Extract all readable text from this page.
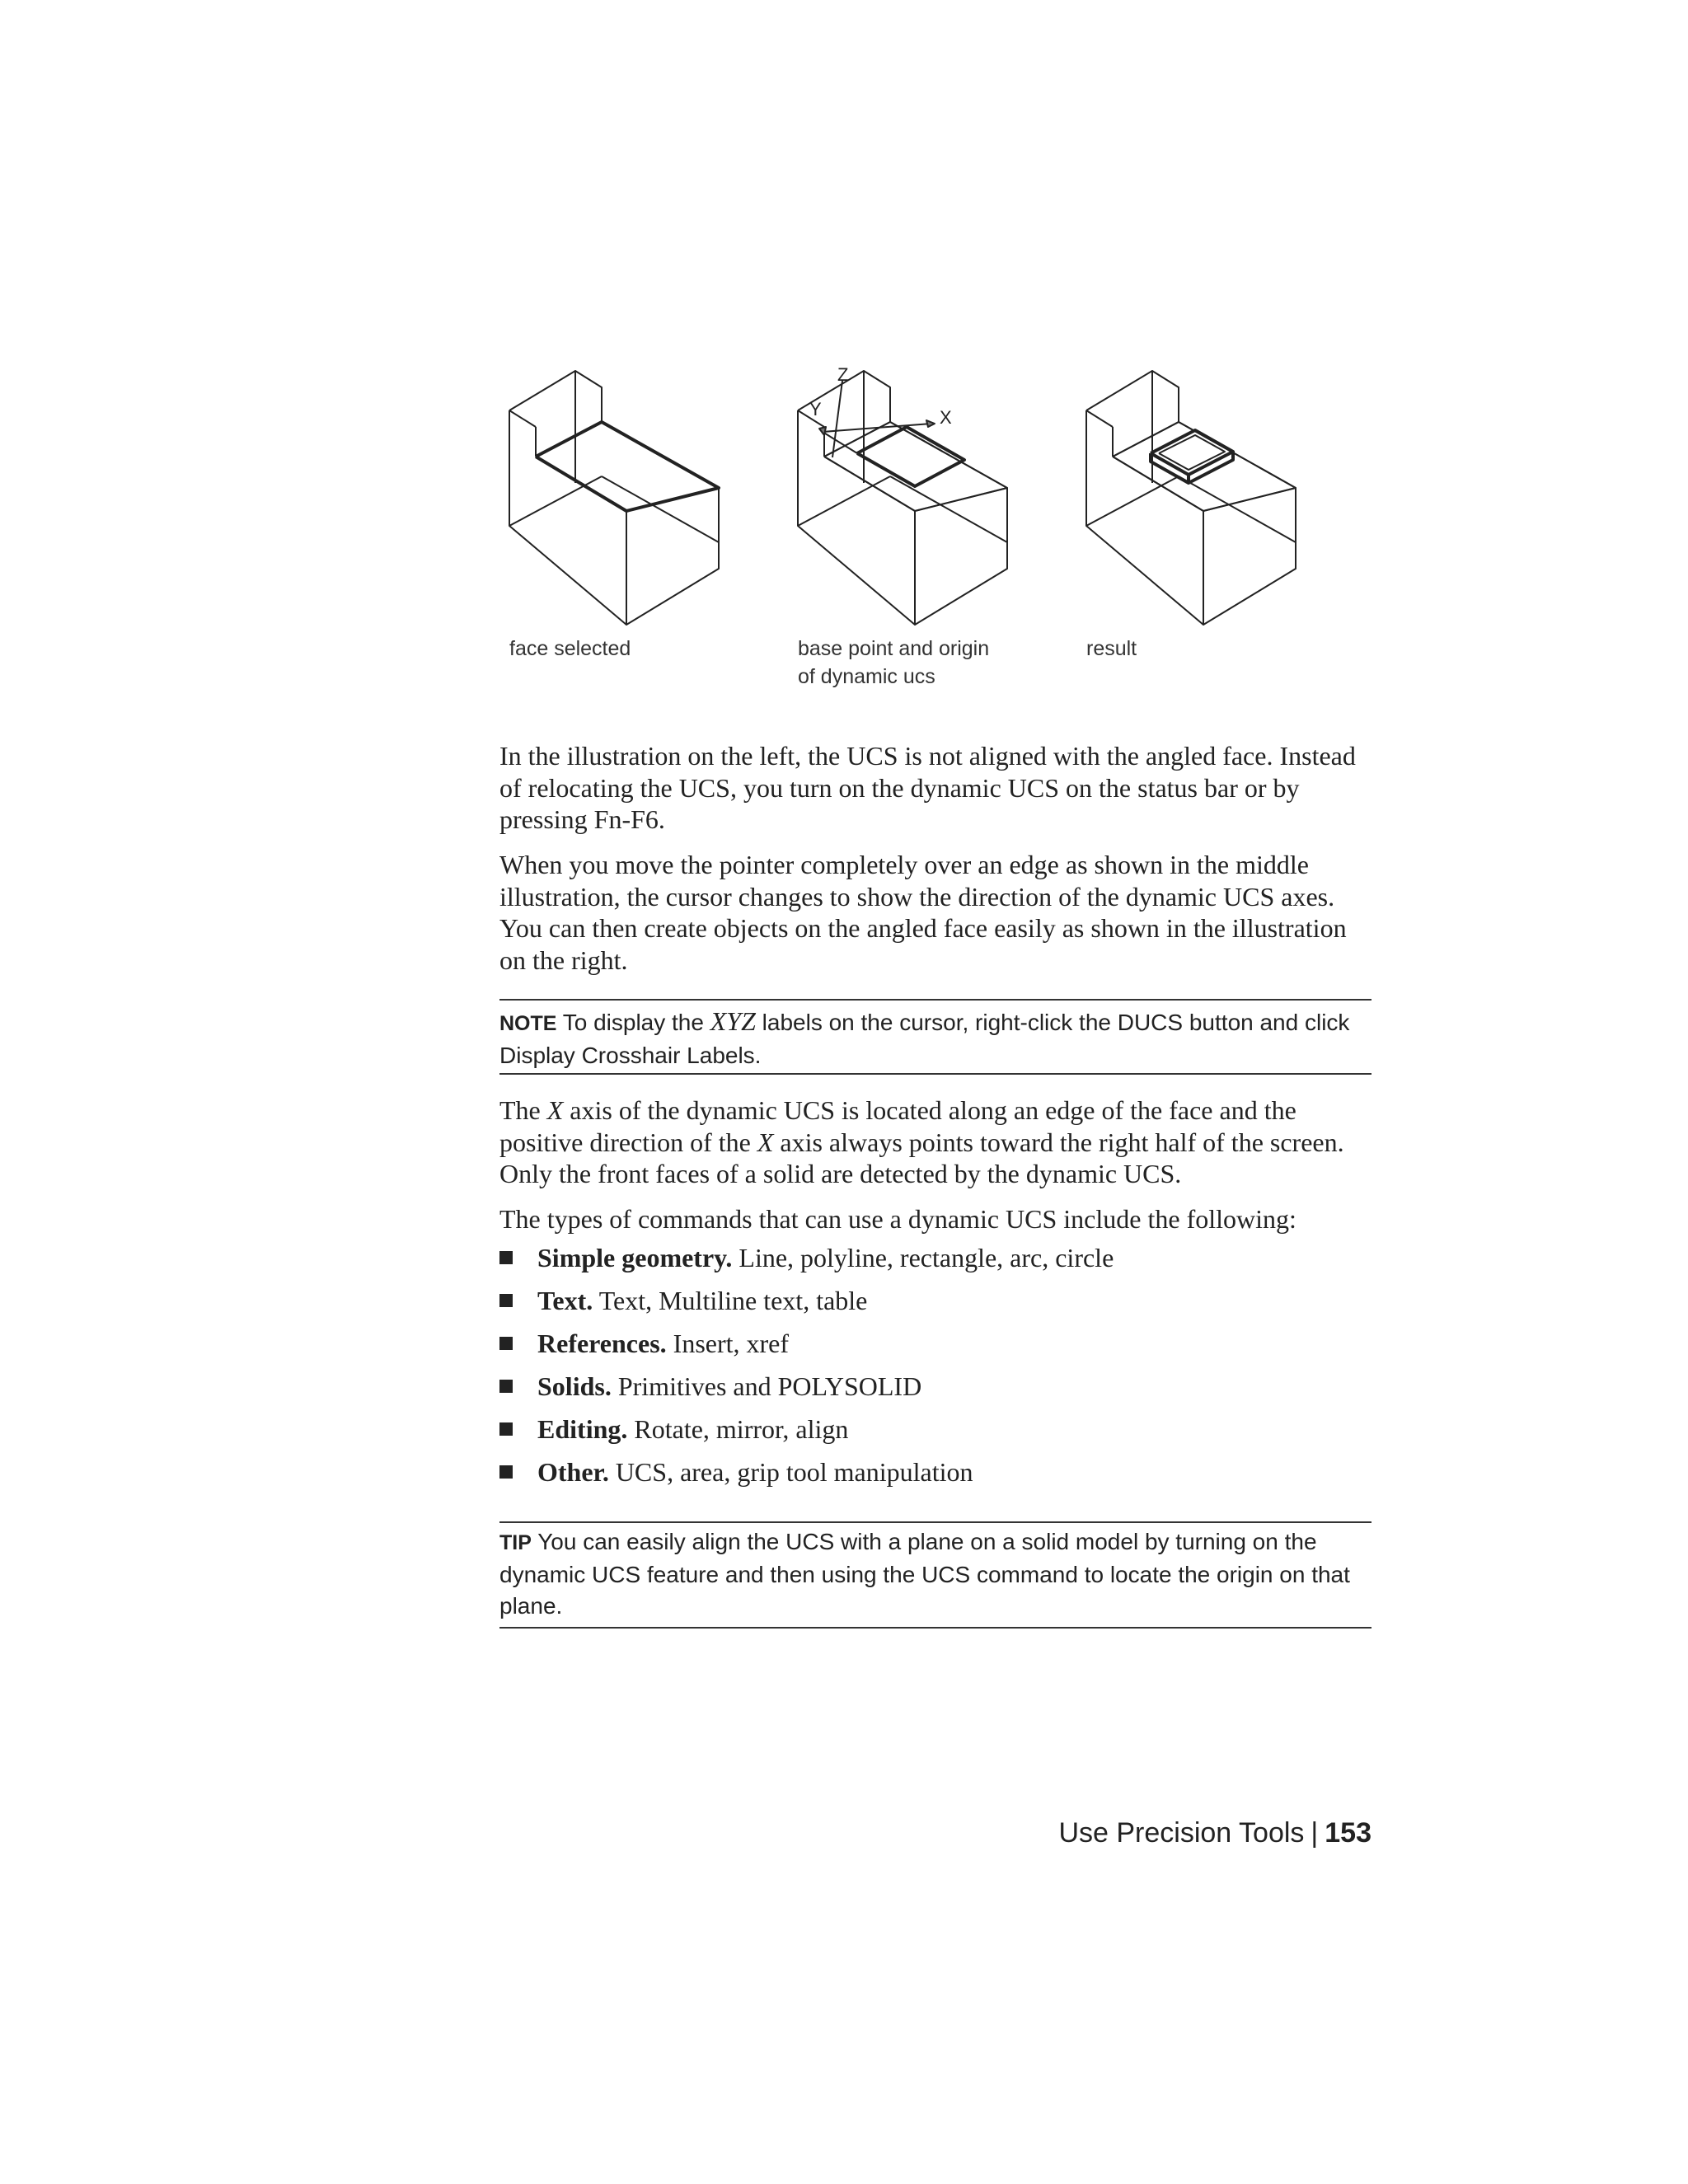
Y
Z
X
face selected	base point and origin
of dynamic ucs
result

In the illustration on the left, the UCS is not aligned with the angled face. Instead of relocating the UCS, you turn on the dynamic UCS on the status bar or by pressing Fn-F6.

When you move the pointer completely over an edge as shown in the middle illustration, the cursor changes to show the direction of the dynamic UCS axes. You can then create objects on the angled face easily as shown in the illustration on the right.

NOTE To display the XYZ labels on the cursor, right-click the DUCS button and click Display Crosshair Labels.

The X axis of the dynamic UCS is located along an edge of the face and the positive direction of the X axis always points toward the right half of the screen. Only the front faces of a solid are detected by the dynamic UCS.

The types of commands that can use a dynamic UCS include the following:

Simple geometry. Line, polyline, rectangle, arc, circle
Text. Text, Multiline text, table
References. Insert, xref
Solids. Primitives and POLYSOLID
Editing. Rotate, mirror, align
Other. UCS, area, grip tool manipulation

TIP You can easily align the UCS with a plane on a solid model by turning on the dynamic UCS feature and then using the UCS command to locate the origin on that plane.

Use Precision Tools | 153
